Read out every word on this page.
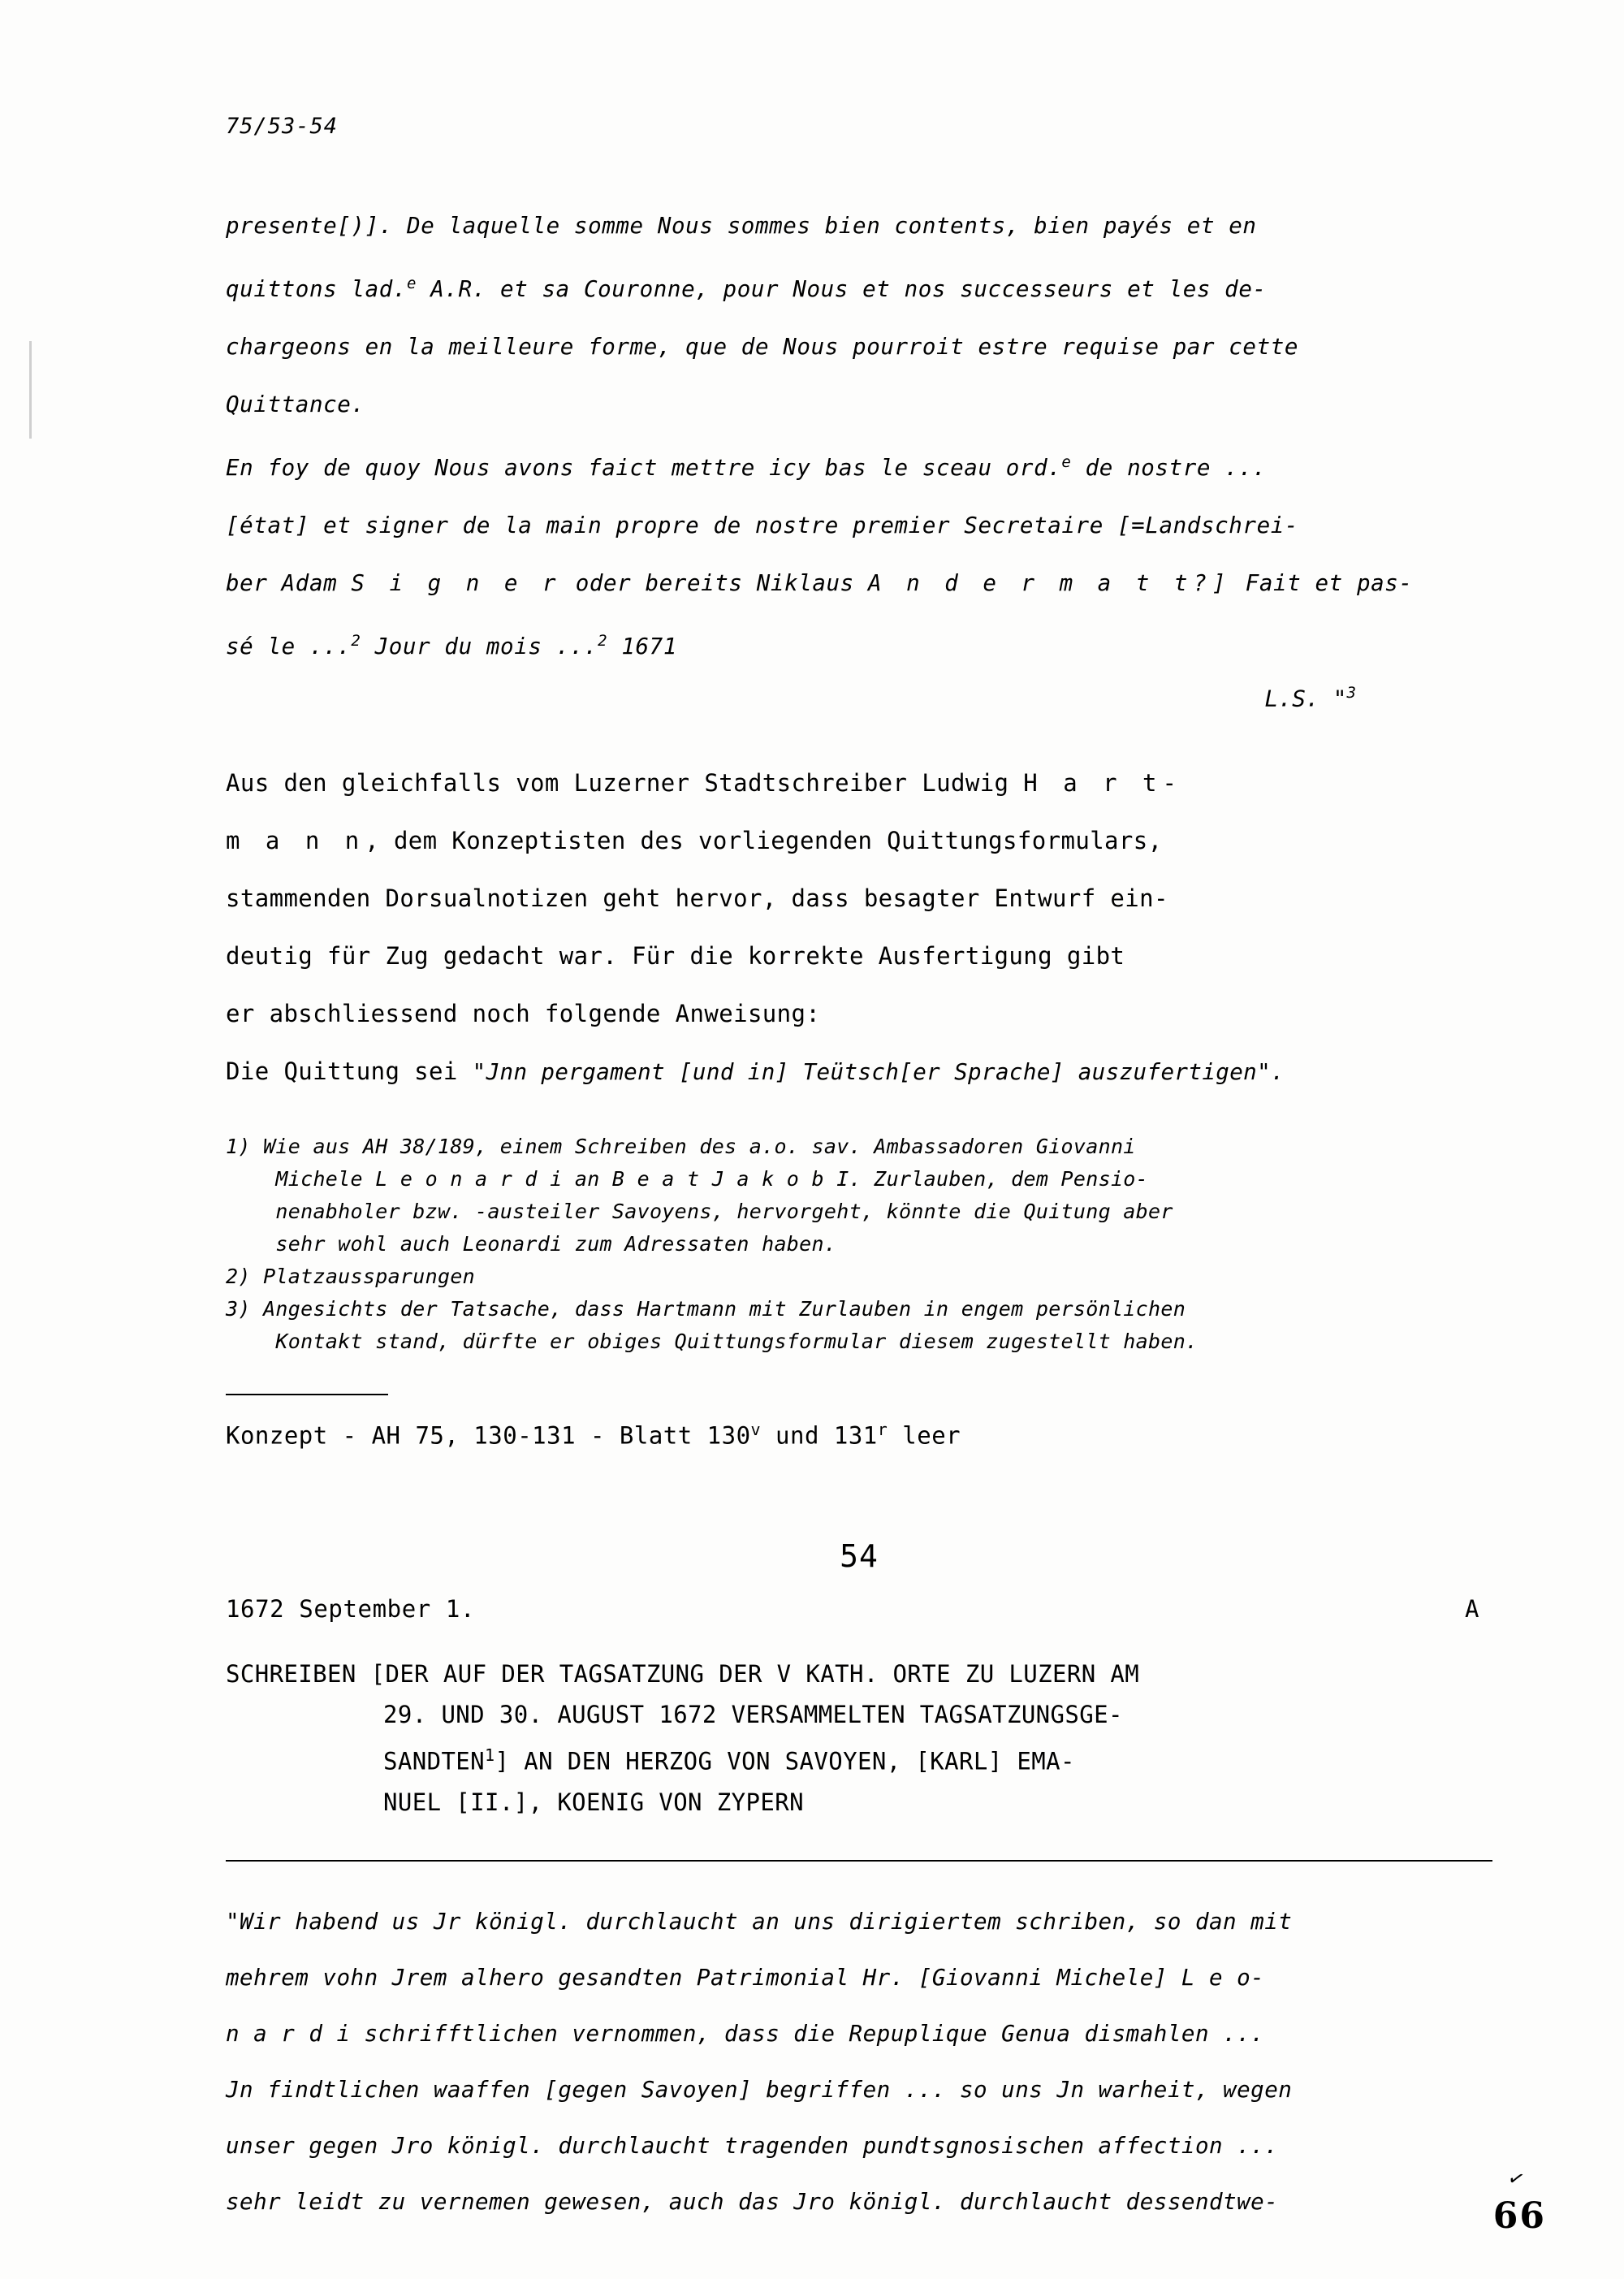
75/53-54

presente[)]. De laquelle somme Nous sommes bien contents, bien payés et en

quittons lad.$^e$ A.R. et sa Couronne, pour Nous et nos successeurs et les de-

chargeons en la meilleure forme, que de Nous pourroit estre requise par cette

Quittance.

En foy de quoy Nous avons faict mettre icy bas le sceau ord.$^e$ de nostre ...

[état] et signer de la main propre de nostre premier Secretaire [=Landschrei-

ber Adam S i g n e r oder bereits Niklaus A n d e r m a t t?] Fait et pas-

sé le ...$^2$ Jour du mois ...$^2$ 1671

L.S. "$^3$

Aus den gleichfalls vom Luzerner Stadtschreiber Ludwig H a r t-

m a n n, dem Konzeptisten des vorliegenden Quittungsformulars,

stammenden Dorsualnotizen geht hervor, dass besagter Entwurf ein-

deutig für Zug gedacht war. Für die korrekte Ausfertigung gibt

er abschliessend noch folgende Anweisung:

Die Quittung sei "Jnn pergament [und in] Teütsch[er Sprache] auszufertigen".

1) Wie aus AH 38/189, einem Schreiben des a.o. sav. Ambassadoren Giovanni

Michele L e o n a r d i an B e a t J a k o b I. Zurlauben, dem Pensio-

nenabholer bzw. -austeiler Savoyens, hervorgeht, könnte die Quitung aber

sehr wohl auch Leonardi zum Adressaten haben.

2) Platzaussparungen

3) Angesichts der Tatsache, dass Hartmann mit Zurlauben in engem persönlichen

Kontakt stand, dürfte er obiges Quittungsformular diesem zugestellt haben.

Konzept - AH 75, 130-131 - Blatt 130$^v$ und 131$^r$ leer
54
1672 September 1.	A

SCHREIBEN [DER AUF DER TAGSATZUNG DER V KATH. ORTE ZU LUZERN AM

29. UND 30. AUGUST 1672 VERSAMMELTEN TAGSATZUNGSGE-

SANDTEN$^1$] AN DEN HERZOG VON SAVOYEN, [KARL] EMA-

NUEL [II.], KOENIG VON ZYPERN

"Wir habend us Jr königl. durchlaucht an uns dirigiertem schriben, so dan mit

mehrem vohn Jrem alhero gesandten Patrimonial Hr. [Giovanni Michele] L e o-

n a r d i schrifftlichen vernommen, dass die Repuplique Genua dismahlen ...

Jn findtlichen waaffen [gegen Savoyen] begriffen ... so uns Jn warheit, wegen

unser gegen Jro königl. durchlaucht tragenden pundtsgnosischen affection ...

sehr leidt zu vernemen gewesen, auch das Jro königl. durchlaucht dessendtwe-

✓
66
